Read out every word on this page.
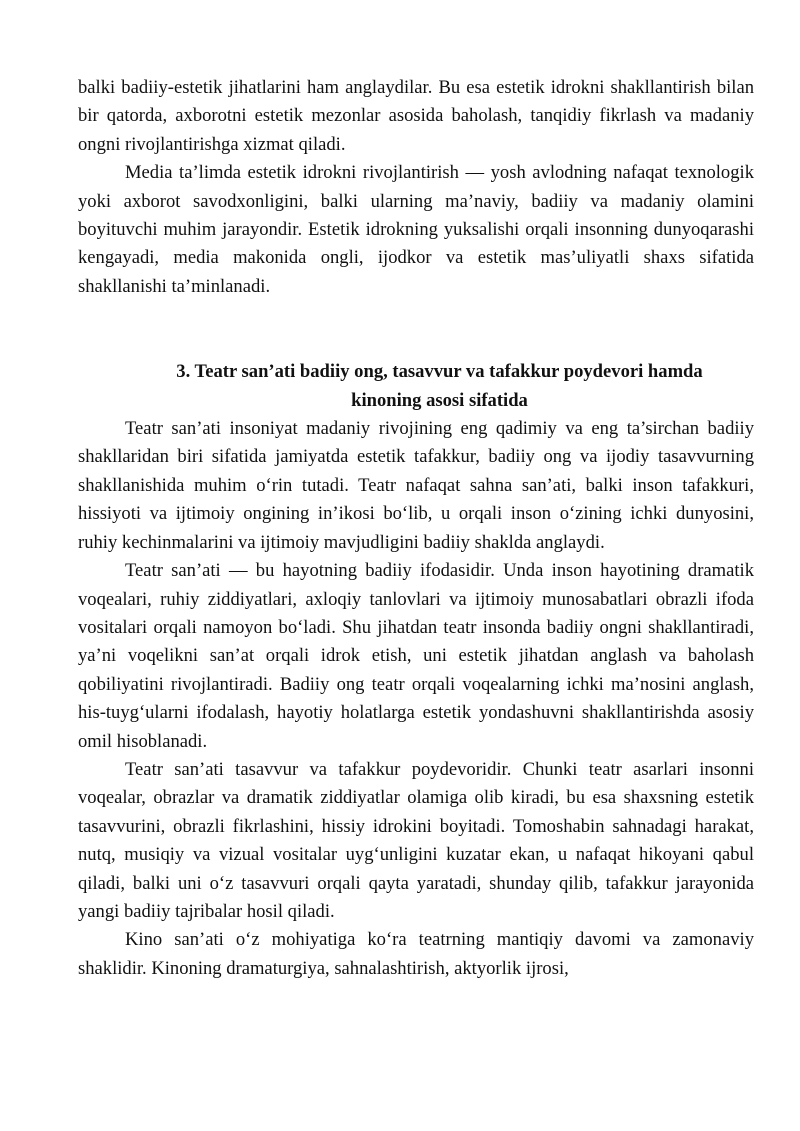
balki badiiy-estetik jihatlarini ham anglaydilar. Bu esa estetik idrokni shakllantirish bilan bir qatorda, axborotni estetik mezonlar asosida baholash, tanqidiy fikrlash va madaniy ongni rivojlantirishga xizmat qiladi.

Media ta’limda estetik idrokni rivojlantirish — yosh avlodning nafaqat texnologik yoki axborot savodxonligini, balki ularning ma’naviy, badiiy va madaniy olamini boyituvchi muhim jarayondir. Estetik idrokning yuksalishi orqali insonning dunyoqarashi kengayadi, media makonida ongli, ijodkor va estetik mas’uliyatli shaxs sifatida shakllanishi ta’minlanadi.

3. Teatr san’ati badiiy ong, tasavvur va tafakkur poydevori hamda
kinoning asosi sifatida

Teatr san’ati insoniyat madaniy rivojining eng qadimiy va eng ta’sirchan badiiy shakllaridan biri sifatida jamiyatda estetik tafakkur, badiiy ong va ijodiy tasavvurning shakllanishida muhim o‘rin tutadi. Teatr nafaqat sahna san’ati, balki inson tafakkuri, hissiyoti va ijtimoiy ongining in’ikosi bo‘lib, u orqali inson o‘zining ichki dunyosini, ruhiy kechinmalarini va ijtimoiy mavjudligini badiiy shaklda anglaydi.

Teatr san’ati — bu hayotning badiiy ifodasidir. Unda inson hayotining dramatik voqealari, ruhiy ziddiyatlari, axloqiy tanlovlari va ijtimoiy munosabatlari obrazli ifoda vositalari orqali namoyon bo‘ladi. Shu jihatdan teatr insonda badiiy ongni shakllantiradi, ya’ni voqelikni san’at orqali idrok etish, uni estetik jihatdan anglash va baholash qobiliyatini rivojlantiradi. Badiiy ong teatr orqali voqealarning ichki ma’nosini anglash, his-tuyg‘ularni ifodalash, hayotiy holatlarga estetik yondashuvni shakllantirishda asosiy omil hisoblanadi.

Teatr san’ati tasavvur va tafakkur poydevoridir. Chunki teatr asarlari insonni voqealar, obrazlar va dramatik ziddiyatlar olamiga olib kiradi, bu esa shaxsning estetik tasavvurini, obrazli fikrlashini, hissiy idrokini boyitadi. Tomoshabin sahnadagi harakat, nutq, musiqiy va vizual vositalar uyg‘unligini kuzatar ekan, u nafaqat hikoyani qabul qiladi, balki uni o‘z tasavvuri orqali qayta yaratadi, shunday qilib, tafakkur jarayonida yangi badiiy tajribalar hosil qiladi.

Kino san’ati o‘z mohiyatiga ko‘ra teatrning mantiqiy davomi va zamonaviy shaklidir. Kinoning dramaturgiya, sahnalashtirish, aktyorlik ijrosi,
